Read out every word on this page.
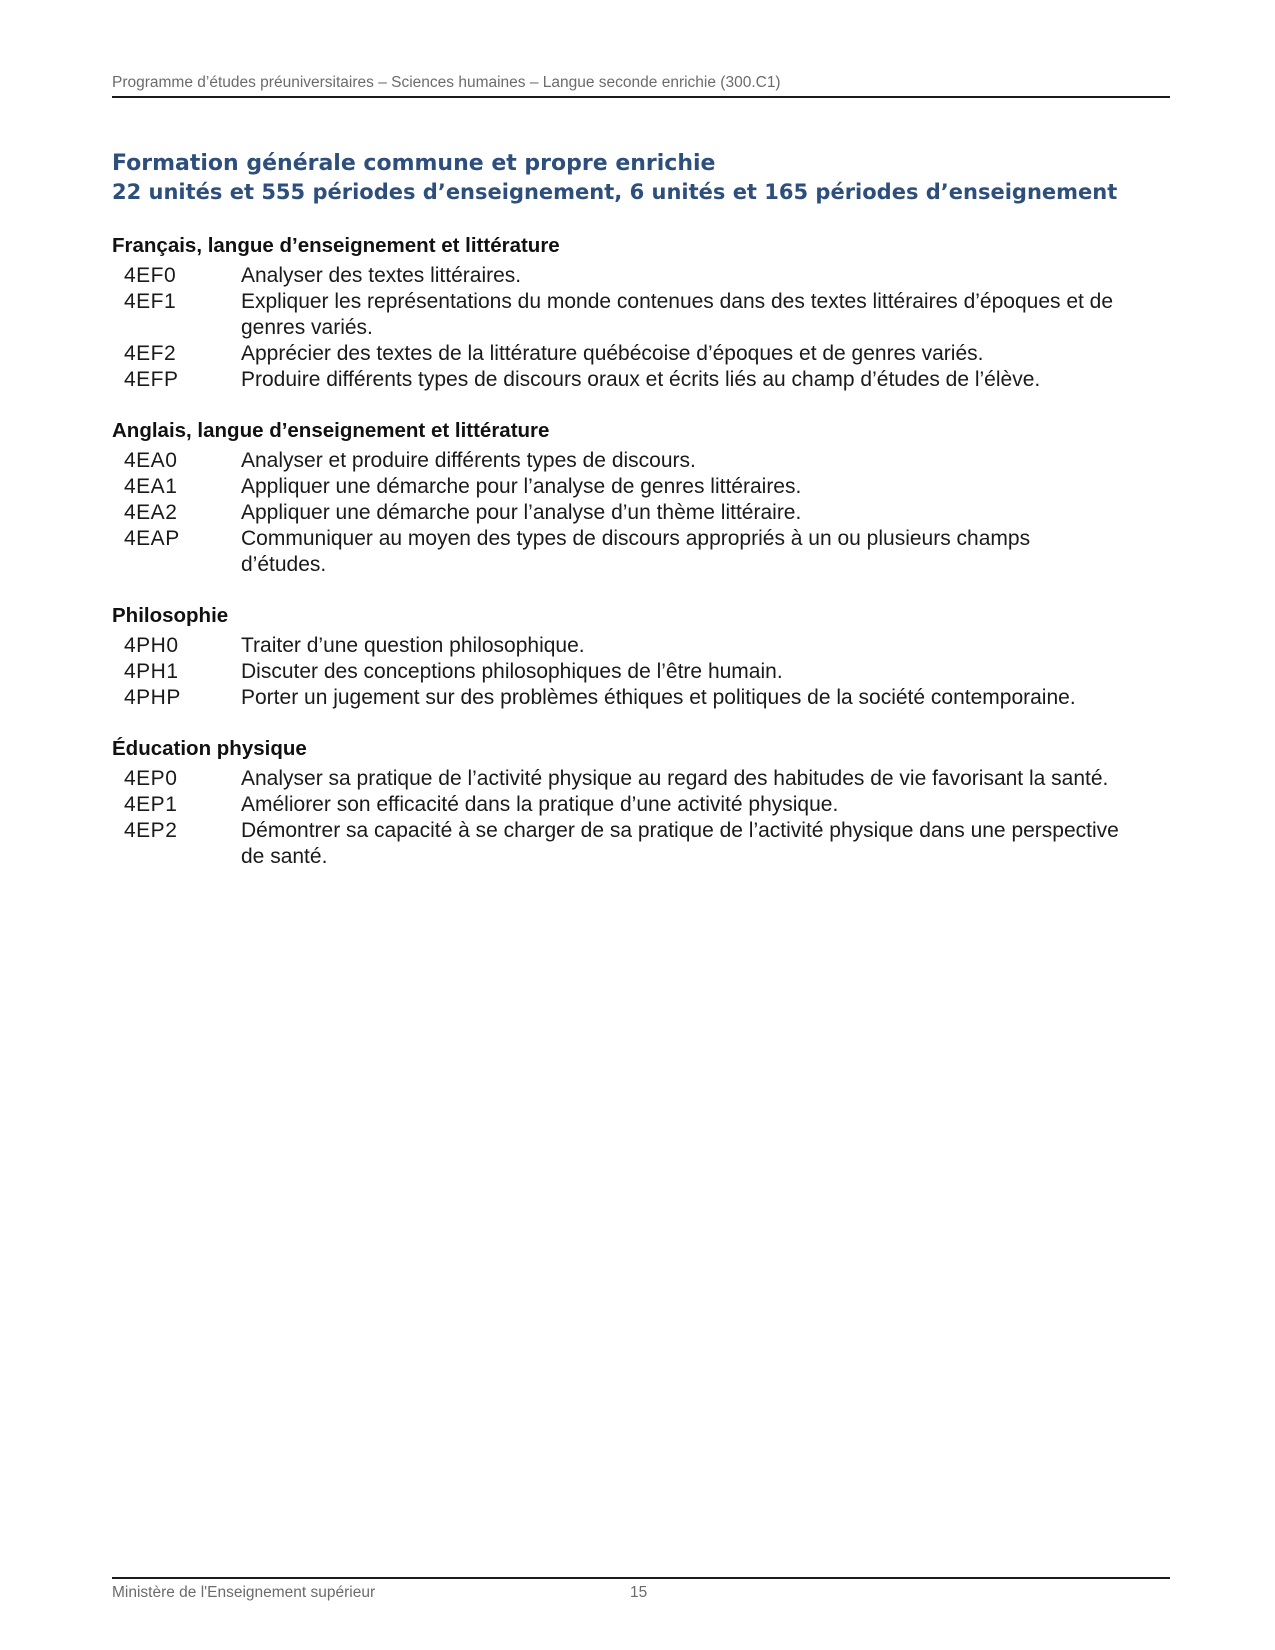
Programme d’études préuniversitaires – Sciences humaines – Langue seconde enrichie (300.C1)
Formation générale commune et propre enrichie
22 unités et 555 périodes d’enseignement, 6 unités et 165 périodes d’enseignement
Français, langue d’enseignement et littérature
4EF0	Analyser des textes littéraires.
4EF1	Expliquer les représentations du monde contenues dans des textes littéraires d’époques et de genres variés.
4EF2	Apprécier des textes de la littérature québécoise d’époques et de genres variés.
4EFP	Produire différents types de discours oraux et écrits liés au champ d’études de l’élève.
Anglais, langue d’enseignement et littérature
4EA0	Analyser et produire différents types de discours.
4EA1	Appliquer une démarche pour l’analyse de genres littéraires.
4EA2	Appliquer une démarche pour l’analyse d’un thème littéraire.
4EAP	Communiquer au moyen des types de discours appropriés à un ou plusieurs champs d’études.
Philosophie
4PH0	Traiter d’une question philosophique.
4PH1	Discuter des conceptions philosophiques de l’être humain.
4PHP	Porter un jugement sur des problèmes éthiques et politiques de la société contemporaine.
Éducation physique
4EP0	Analyser sa pratique de l’activité physique au regard des habitudes de vie favorisant la santé.
4EP1	Améliorer son efficacité dans la pratique d’une activité physique.
4EP2	Démontrer sa capacité à se charger de sa pratique de l’activité physique dans une perspective de santé.
Ministère de l'Enseignement supérieur	15
